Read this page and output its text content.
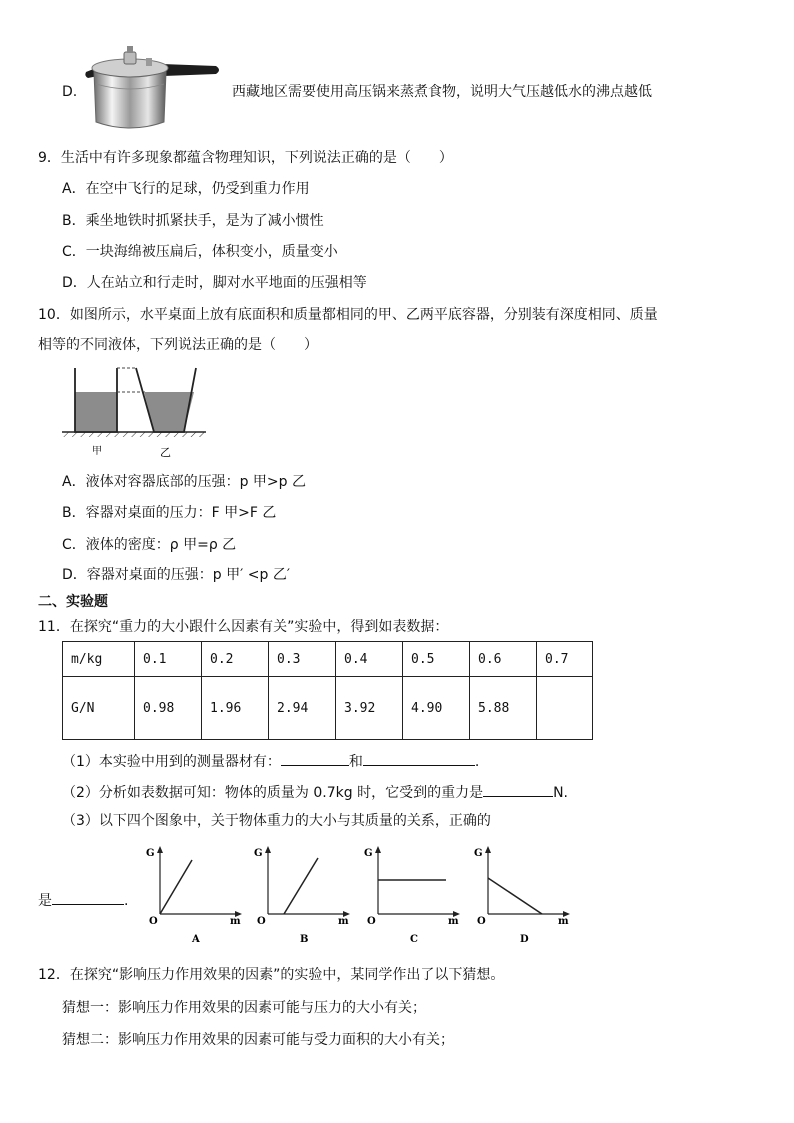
D.	西藏地区需要使用高压锅来蒸煮食物，说明大气压越低水的沸点越低
9．生活中有许多现象都蕴含物理知识，下列说法正确的是（　　）
A．在空中飞行的足球，仍受到重力作用
B．乘坐地铁时抓紧扶手，是为了减小惯性
C．一块海绵被压扁后，体积变小，质量变小
D．人在站立和行走时，脚对水平地面的压强相等
10．如图所示，水平桌面上放有底面积和质量都相同的甲、乙两平底容器，分别装有深度相同、质量
相等的不同液体，下列说法正确的是（　　）
甲	乙
A．液体对容器底部的压强：p 甲>p 乙
B．容器对桌面的压力：F 甲>F 乙
C．液体的密度：ρ 甲=ρ 乙
D．容器对桌面的压强：p 甲′ <p 乙′
二、实验题
11．在探究“重力的大小跟什么因素有关”实验中，得到如表数据：
m/kg	0.1	0.2	0.3	0.4	0.5	0.6	0.7
G/N	0.98	1.96	2.94	3.92	4.90	5.88	
（1）本实验中用到的测量器材有：	和	.
（2）分析如表数据可知：物体的质量为 0.7kg 时，它受到的重力是	N.
（3）以下四个图象中，关于物体重力的大小与其质量的关系，正确的
是	.
G
O	m
A
G
O	m
B
G
O	m
C
G
O	m
D
12．在探究“影响压力作用效果的因素”的实验中，某同学作出了以下猜想。
猜想一：影响压力作用效果的因素可能与压力的大小有关；
猜想二：影响压力作用效果的因素可能与受力面积的大小有关；
